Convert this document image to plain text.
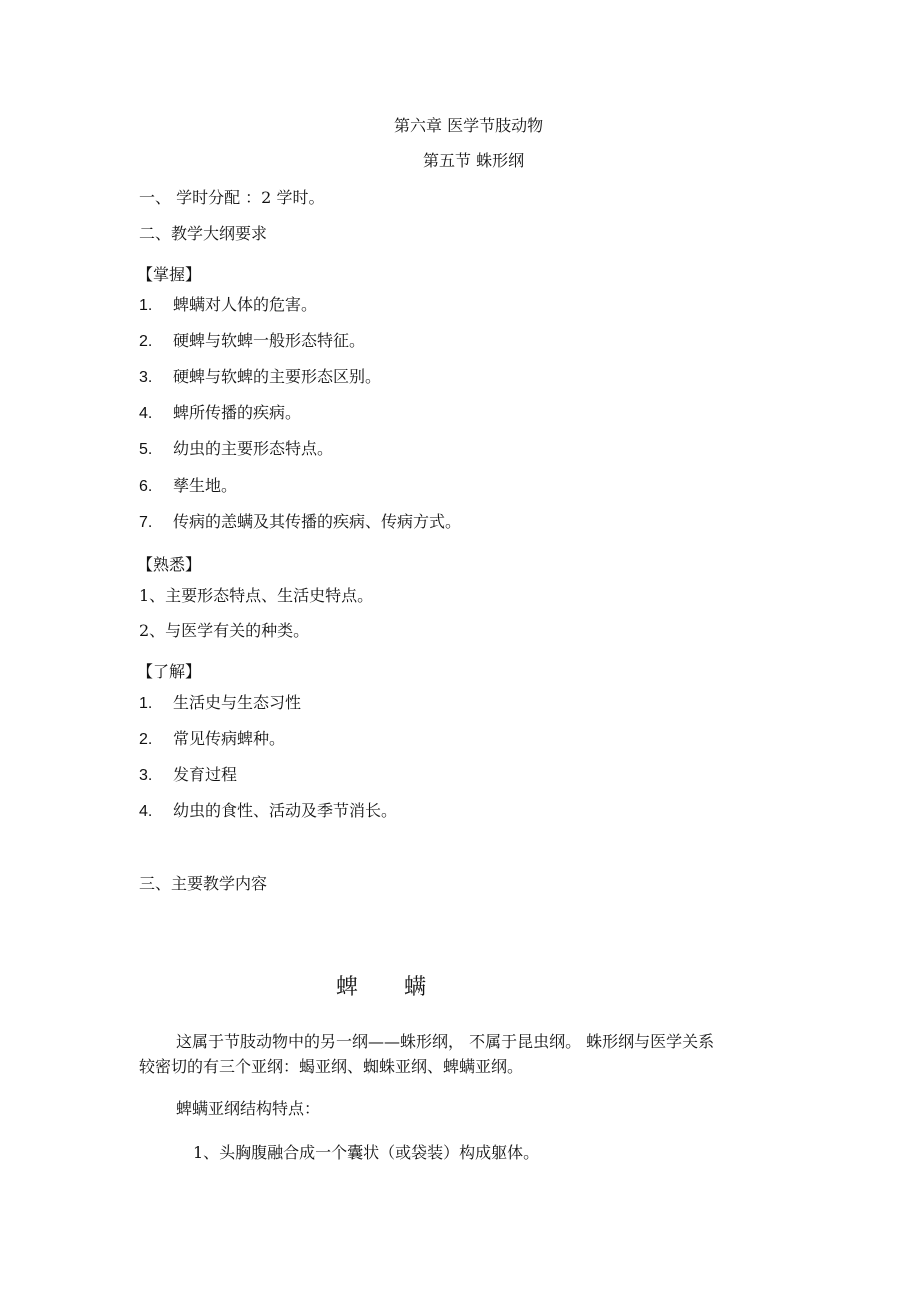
第六章 医学节肢动物
第五节 蛛形纲
一、 学时分配 ：2 学时。
二、教学大纲要求
【掌握】
1. 蜱螨对人体的危害。
2. 硬蜱与软蜱一般形态特征。
3. 硬蜱与软蜱的主要形态区别。
4. 蜱所传播的疾病。
5. 幼虫的主要形态特点。
6. 孳生地。
7. 传病的恙螨及其传播的疾病、传病方式。
【熟悉】
1、主要形态特点、生活史特点。
2、与医学有关的种类。
【了解】
1. 生活史与生态习性
2. 常见传病蜱种。
3. 发育过程
4. 幼虫的食性、活动及季节消长。
三、主要教学内容
蜱 螨
这属于节肢动物中的另一纲——蛛形纲， 不属于昆虫纲。 蛛形纲与医学关系
较密切的有三个亚纲：蝎亚纲、蜘蛛亚纲、蜱螨亚纲。
蜱螨亚纲结构特点：
1、头胸腹融合成一个囊状（或袋装）构成躯体。
